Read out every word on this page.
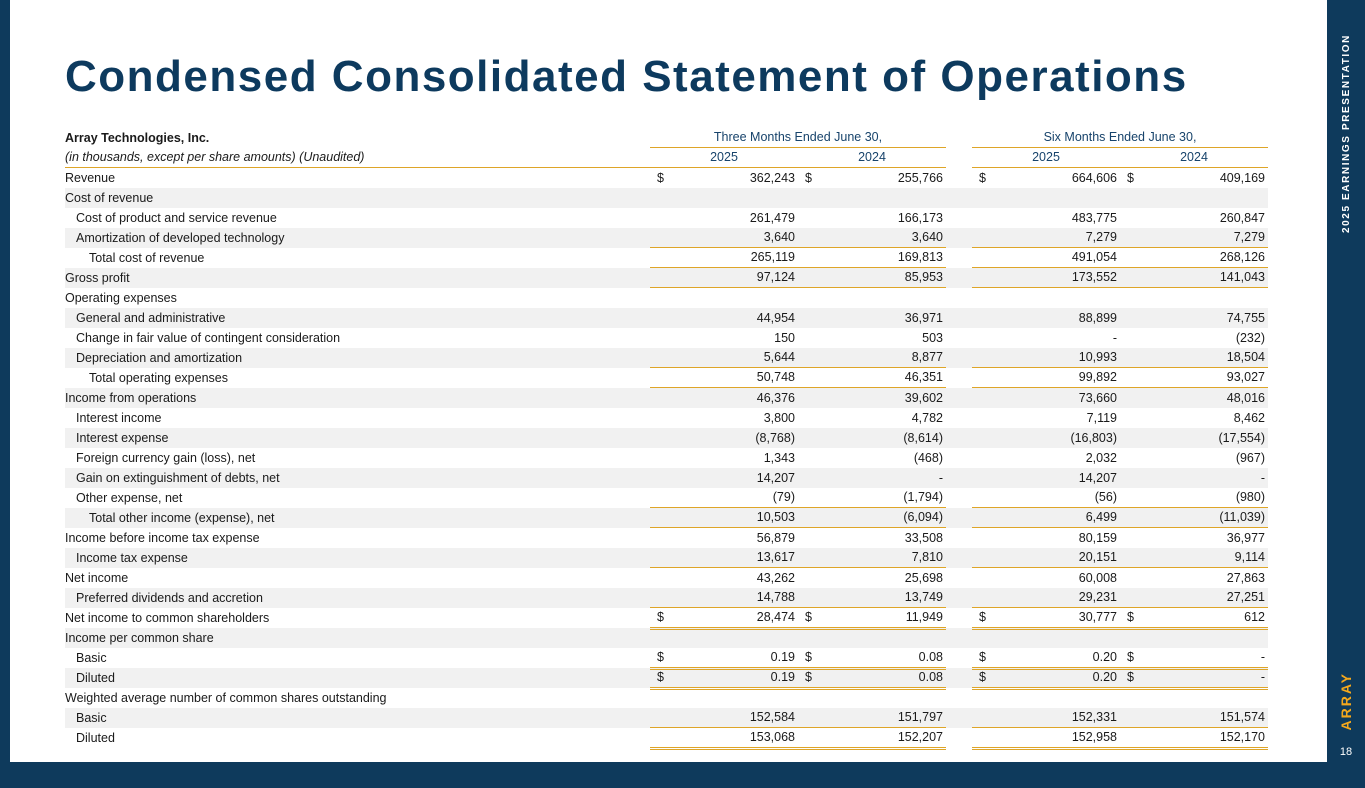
Condensed Consolidated Statement of Operations
Array Technologies, Inc.	Three Months Ended June 30,	Six Months Ended June 30,
(in thousands, except per share amounts) (Unaudited)	2025	2024	2025	2024
Revenue	$	362,243 $	255,766	$	664,606 $	409,169
Cost of revenue
Cost of product and service revenue	261,479	166,173	483,775	260,847
Amortization of developed technology	3,640	3,640	7,279	7,279
Total cost of revenue	265,119	169,813	491,054	268,126
Gross profit	97,124	85,953	173,552	141,043
Operating expenses
General and administrative	44,954	36,971	88,899	74,755
Change in fair value of contingent consideration	150	503	-	(232)
Depreciation and amortization	5,644	8,877	10,993	18,504
Total operating expenses	50,748	46,351	99,892	93,027
Income from operations	46,376	39,602	73,660	48,016
Interest income	3,800	4,782	7,119	8,462
Interest expense	(8,768)	(8,614)	(16,803)	(17,554)
Foreign currency gain (loss), net	1,343	(468)	2,032	(967)
Gain on extinguishment of debts, net	14,207	-	14,207	-
Other expense, net	(79)	(1,794)	(56)	(980)
Total other income (expense), net	10,503	(6,094)	6,499	(11,039)
Income before income tax expense	56,879	33,508	80,159	36,977
Income tax expense	13,617	7,810	20,151	9,114
Net income	43,262	25,698	60,008	27,863
Preferred dividends and accretion	14,788	13,749	29,231	27,251
Net income to common shareholders	$	28,474 $	11,949	$	30,777 $	612
Income per common share
Basic	$	0.19 $	0.08	$	0.20 $	-
Diluted	$	0.19 $	0.08	$	0.20 $	-
Weighted average number of common shares outstanding
Basic	152,584	151,797	152,331	151,574
Diluted	153,068	152,207	152,958	152,170
2025 EARNINGS PRESENTATION
ARRAY
18
